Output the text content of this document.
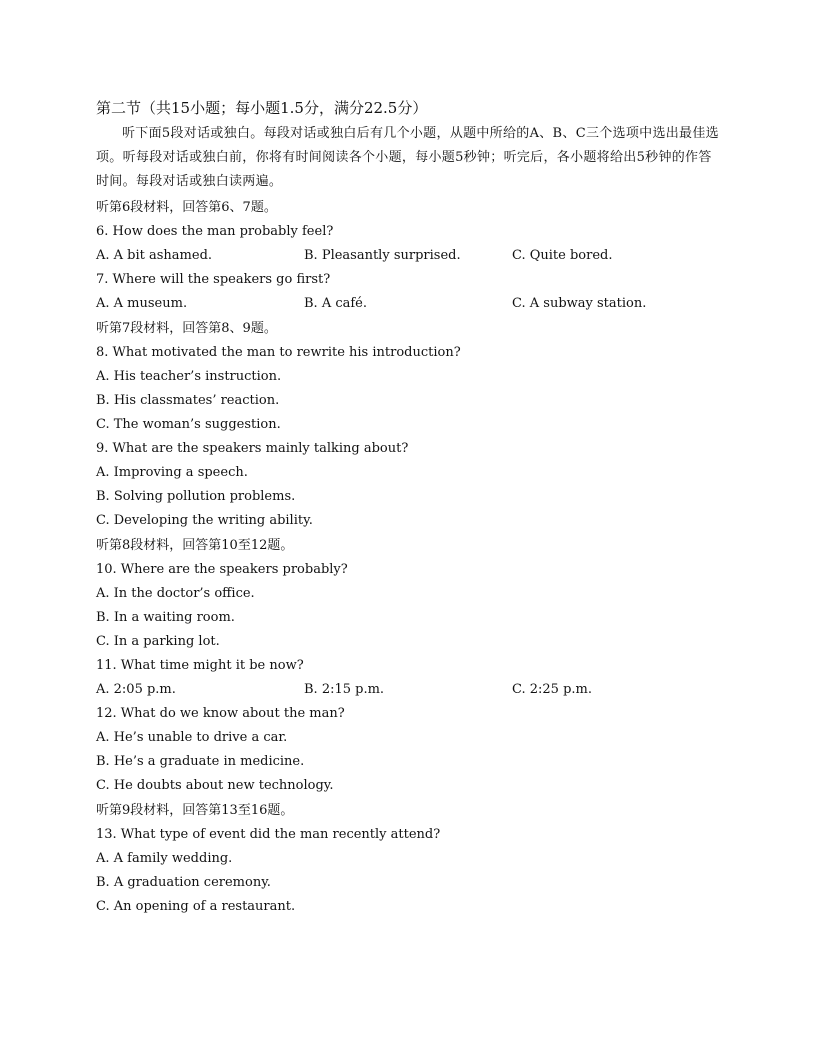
第二节（共15小题；每小题1.5分，满分22.5分）

听下面5段对话或独白。每段对话或独白后有几个小题，从题中所给的A、B、C三个选项中选出最佳选项。听每段对话或独白前，你将有时间阅读各个小题，每小题5秒钟；听完后，各小题将给出5秒钟的作答时间。每段对话或独白读两遍。

听第6段材料，回答第6、7题。
6. How does the man probably feel?
A. A bit ashamed.	B. Pleasantly surprised.	C. Quite bored.
7. Where will the speakers go first?
A. A museum.	B. A café.	C. A subway station.
听第7段材料，回答第8、9题。
8. What motivated the man to rewrite his introduction?
A. His teacher’s instruction.
B. His classmates’ reaction.
C. The woman’s suggestion.
9. What are the speakers mainly talking about?
A. Improving a speech.
B. Solving pollution problems.
C. Developing the writing ability.
听第8段材料，回答第10至12题。
10. Where are the speakers probably?
A. In the doctor’s office.
B. In a waiting room.
C. In a parking lot.
11. What time might it be now?
A. 2:05 p.m.	B. 2:15 p.m.	C. 2:25 p.m.
12. What do we know about the man?
A. He’s unable to drive a car.
B. He’s a graduate in medicine.
C. He doubts about new technology.
听第9段材料，回答第13至16题。
13. What type of event did the man recently attend?
A. A family wedding.
B. A graduation ceremony.
C. An opening of a restaurant.
